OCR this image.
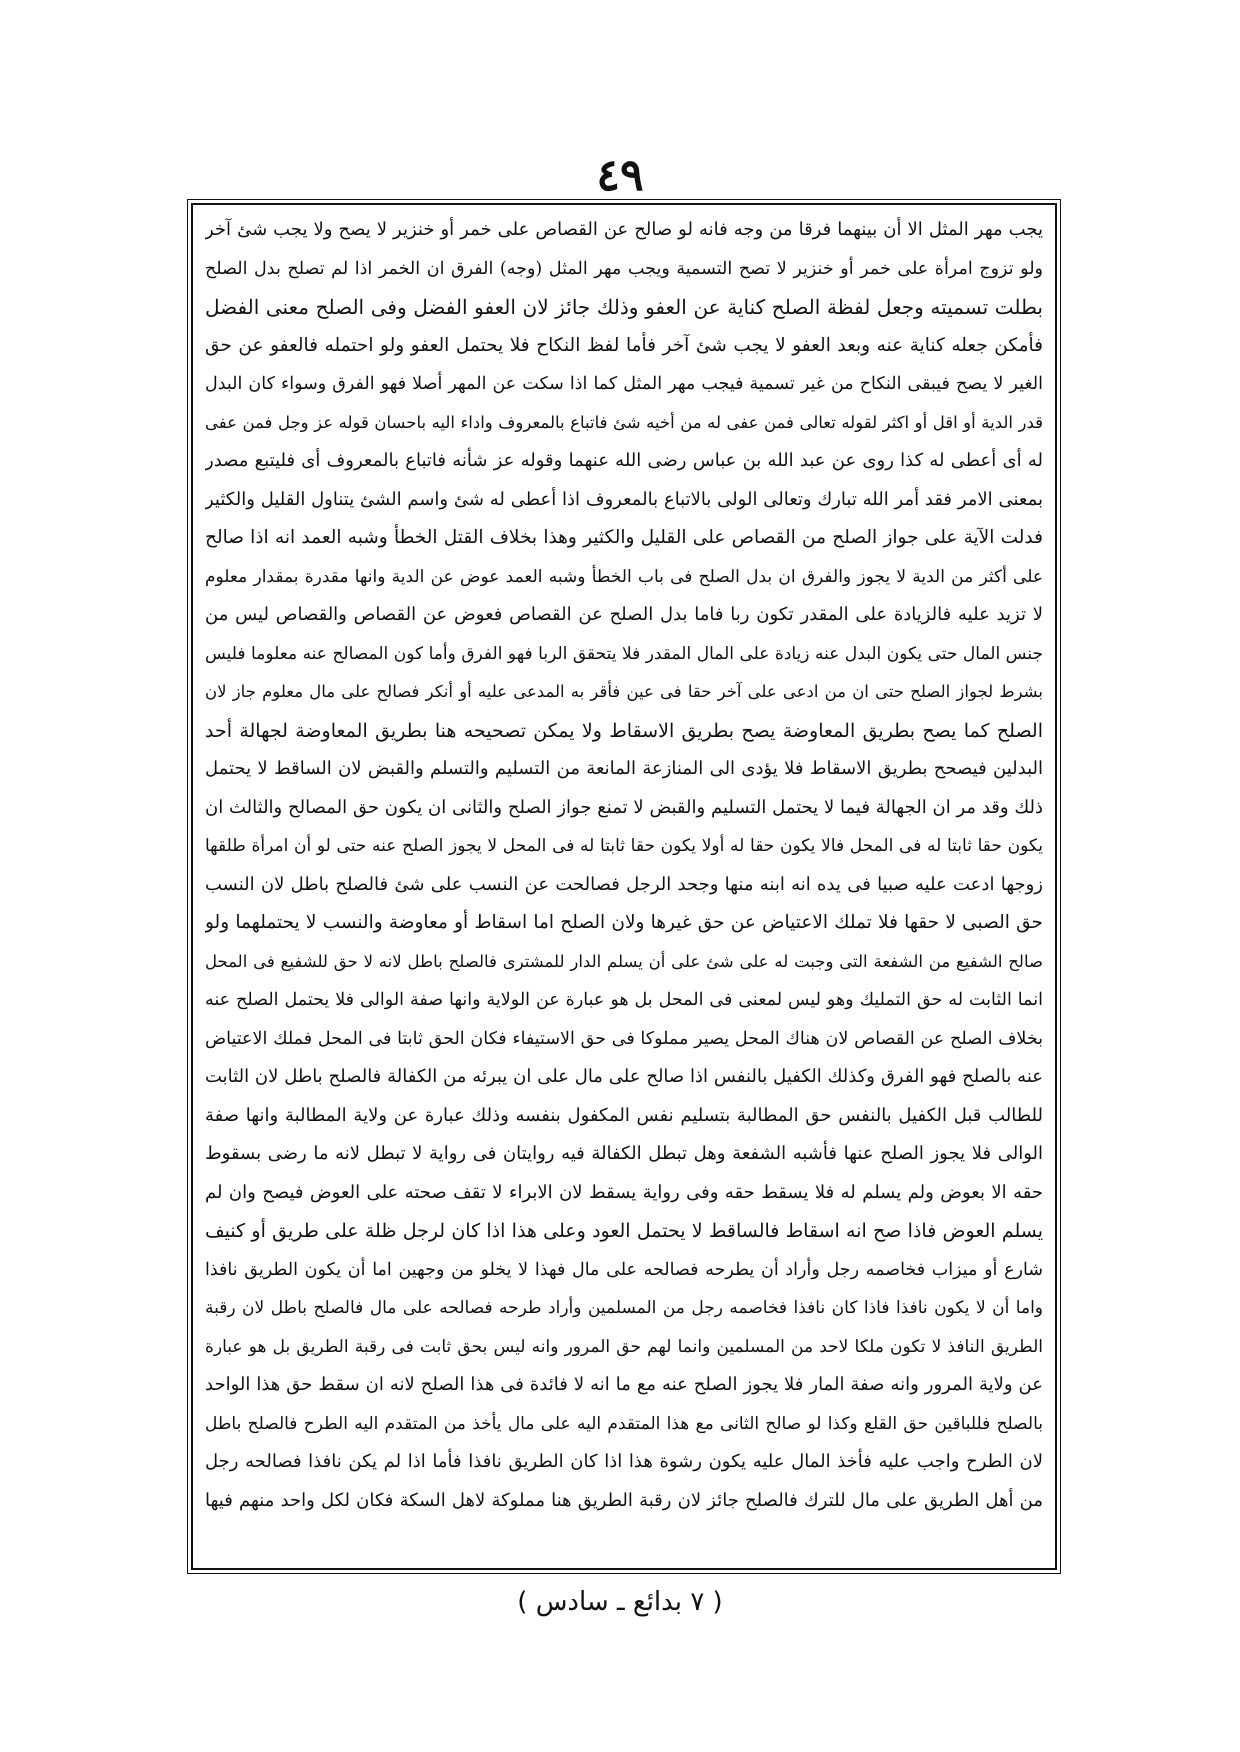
٤٩
يجب مهر المثل الا أن بينهما فرقا من وجه فانه لو صالح عن القصاص على خمر أو خنزير لا يصح ولا يجب شئ آخر
ولو تزوج امرأة على خمر أو خنزير لا تصح التسمية ويجب مهر المثل (وجه) الفرق ان الخمر اذا لم تصلح بدل الصلح
بطلت تسميته وجعل لفظة الصلح كناية عن العفو وذلك جائز لان العفو الفضل وفى الصلح معنى الفضل
فأمكن جعله كناية عنه وبعد العفو لا يجب شئ آخر فأما لفظ النكاح فلا يحتمل العفو ولو احتمله فالعفو عن حق
الغير لا يصح فيبقى النكاح من غير تسمية فيجب مهر المثل كما اذا سكت عن المهر أصلا فهو الفرق وسواء كان البدل
قدر الدية أو اقل أو اكثر لقوله تعالى فمن عفى له من أخيه شئ فاتباع بالمعروف واداء اليه باحسان قوله عز وجل فمن عفى
له أى أعطى له كذا روى عن عبد الله بن عباس رضى الله عنهما وقوله عز شأنه فاتباع بالمعروف أى فليتبع مصدر
بمعنى الامر فقد أمر الله تبارك وتعالى الولى بالاتباع بالمعروف اذا أعطى له شئ واسم الشئ يتناول القليل والكثير
فدلت الآية على جواز الصلح من القصاص على القليل والكثير وهذا بخلاف القتل الخطأ وشبه العمد انه اذا صالح
على أكثر من الدية لا يجوز والفرق ان بدل الصلح فى باب الخطأ وشبه العمد عوض عن الدية وانها مقدرة بمقدار معلوم
لا تزيد عليه فالزيادة على المقدر تكون ربا فاما بدل الصلح عن القصاص فعوض عن القصاص والقصاص ليس من
جنس المال حتى يكون البدل عنه زيادة على المال المقدر فلا يتحقق الربا فهو الفرق وأما كون المصالح عنه معلوما فليس
بشرط لجواز الصلح حتى ان من ادعى على آخر حقا فى عين فأقر به المدعى عليه أو أنكر فصالح على مال معلوم جاز لان
الصلح كما يصح بطريق المعاوضة يصح بطريق الاسقاط ولا يمكن تصحيحه هنا بطريق المعاوضة لجهالة أحد
البدلين فيصحح بطريق الاسقاط فلا يؤدى الى المنازعة المانعة من التسليم والتسلم والقبض لان الساقط لا يحتمل
ذلك وقد مر ان الجهالة فيما لا يحتمل التسليم والقبض لا تمنع جواز الصلح والثانى ان يكون حق المصالح والثالث ان
يكون حقا ثابتا له فى المحل فالا يكون حقا له أولا يكون حقا ثابتا له فى المحل لا يجوز الصلح عنه حتى لو أن امرأة طلقها
زوجها ادعت عليه صبيا فى يده انه ابنه منها وجحد الرجل فصالحت عن النسب على شئ فالصلح باطل لان النسب
حق الصبى لا حقها فلا تملك الاعتياض عن حق غيرها ولان الصلح اما اسقاط أو معاوضة والنسب لا يحتملهما ولو
صالح الشفيع من الشفعة التى وجبت له على شئ على أن يسلم الدار للمشترى فالصلح باطل لانه لا حق للشفيع فى المحل
انما الثابت له حق التمليك وهو ليس لمعنى فى المحل بل هو عبارة عن الولاية وانها صفة الوالى فلا يحتمل الصلح عنه
بخلاف الصلح عن القصاص لان هناك المحل يصير مملوكا فى حق الاستيفاء فكان الحق ثابتا فى المحل فملك الاعتياض
عنه بالصلح فهو الفرق وكذلك الكفيل بالنفس اذا صالح على مال على ان يبرئه من الكفالة فالصلح باطل لان الثابت
للطالب قبل الكفيل بالنفس حق المطالبة بتسليم نفس المكفول بنفسه وذلك عبارة عن ولاية المطالبة وانها صفة
الوالى فلا يجوز الصلح عنها فأشبه الشفعة وهل تبطل الكفالة فيه روايتان فى رواية لا تبطل لانه ما رضى بسقوط
حقه الا بعوض ولم يسلم له فلا يسقط حقه وفى رواية يسقط لان الابراء لا تقف صحته على العوض فيصح وان لم
يسلم العوض فاذا صح انه اسقاط فالساقط لا يحتمل العود وعلى هذا اذا كان لرجل ظلة على طريق أو كنيف
شارع أو ميزاب فخاصمه رجل وأراد أن يطرحه فصالحه على مال فهذا لا يخلو من وجهين اما أن يكون الطريق نافذا
واما أن لا يكون نافذا فاذا كان نافذا فخاصمه رجل من المسلمين وأراد طرحه فصالحه على مال فالصلح باطل لان رقبة
الطريق النافذ لا تكون ملكا لاحد من المسلمين وانما لهم حق المرور وانه ليس بحق ثابت فى رقبة الطريق بل هو عبارة
عن ولاية المرور وانه صفة المار فلا يجوز الصلح عنه مع ما انه لا فائدة فى هذا الصلح لانه ان سقط حق هذا الواحد
بالصلح فللباقين حق القلع وكذا لو صالح الثانى مع هذا المتقدم اليه على مال يأخذ من المتقدم اليه الطرح فالصلح باطل
لان الطرح واجب عليه فأخذ المال عليه يكون رشوة هذا اذا كان الطريق نافذا فأما اذا لم يكن نافذا فصالحه رجل
من أهل الطريق على مال للترك فالصلح جائز لان رقبة الطريق هنا مملوكة لاهل السكة فكان لكل واحد منهم فيها
( ٧ بدائع ـ سادس )
